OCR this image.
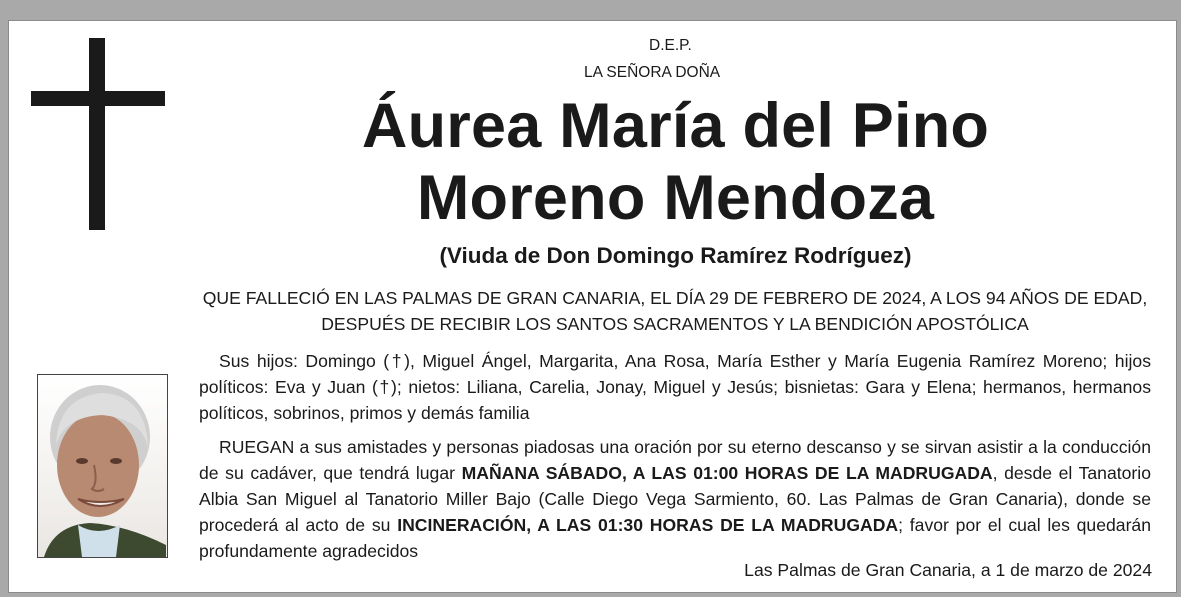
D.E.P.
LA SEÑORA DOÑA
Áurea María del Pino
Moreno Mendoza
(Viuda de Don Domingo Ramírez Rodríguez)
QUE FALLECIÓ EN LAS PALMAS DE GRAN CANARIA, EL DÍA 29 DE FEBRERO DE 2024, A LOS 94 AÑOS DE EDAD, DESPUÉS DE RECIBIR LOS SANTOS SACRAMENTOS Y LA BENDICIÓN APOSTÓLICA
Sus hijos: Domingo (†), Miguel Ángel, Margarita, Ana Rosa, María Esther y María Eugenia Ramírez Moreno; hijos políticos: Eva y Juan (†); nietos: Liliana, Carelia, Jonay, Miguel y Jesús; bisnietas: Gara y Elena; hermanos, hermanos políticos, sobrinos, primos y demás familia
RUEGAN a sus amistades y personas piadosas una oración por su eterno descanso y se sirvan asistir a la conducción de su cadáver, que tendrá lugar MAÑANA SÁBADO, A LAS 01:00 HORAS DE LA MADRUGADA, desde el Tanatorio Albia San Miguel al Tanatorio Miller Bajo (Calle Diego Vega Sarmiento, 60. Las Palmas de Gran Canaria), donde se procederá al acto de su INCINERACIÓN, A LAS 01:30 HORAS DE LA MADRUGADA; favor por el cual les quedarán profundamente agradecidos
Las Palmas de Gran Canaria, a 1 de marzo de 2024
